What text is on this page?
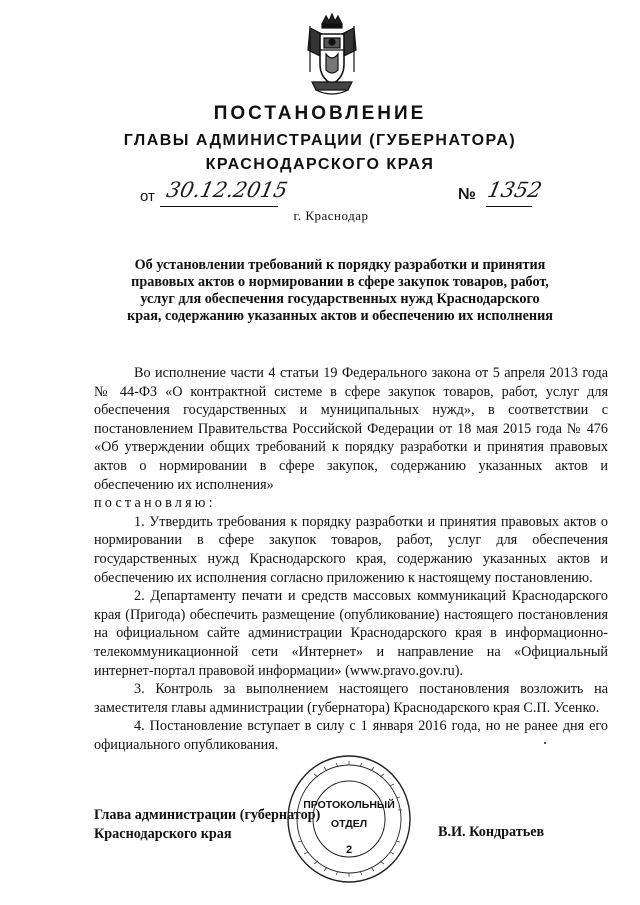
ПОСТАНОВЛЕНИЕ
ГЛАВЫ АДМИНИСТРАЦИИ (ГУБЕРНАТОРА)
КРАСНОДАРСКОГО КРАЯ
от 30.12.2015	№ 1352
г. Краснодар
Об установлении требований к порядку разработки и принятия
правовых актов о нормировании в сфере закупок товаров, работ,
услуг для обеспечения государственных нужд Краснодарского
края, содержанию указанных актов и обеспечению их исполнения

Во исполнение части 4 статьи 19 Федерального закона от 5 апреля 2013 года № 44-ФЗ «О контрактной системе в сфере закупок товаров, работ, услуг для обеспечения государственных и муниципальных нужд», в соответствии с постановлением Правительства Российской Федерации от 18 мая 2015 года № 476 «Об утверждении общих требований к порядку разработки и принятия правовых актов о нормировании в сфере закупок, содержанию указанных актов и обеспечению их исполнения»

постановляю:

1. Утвердить требования к порядку разработки и принятия правовых актов о нормировании в сфере закупок товаров, работ, услуг для обеспечения государственных нужд Краснодарского края, содержанию указанных актов и обеспечению их исполнения согласно приложению к настоящему постановлению.

2. Департаменту печати и средств массовых коммуникаций Краснодарского края (Пригода) обеспечить размещение (опубликование) настоящего постановления на официальном сайте администрации Краснодарского края в информационно-телекоммуникационной сети «Интернет» и направление на «Официальный интернет-портал правовой информации» (www.pravo.gov.ru).

3. Контроль за выполнением настоящего постановления возложить на заместителя главы администрации (губернатора) Краснодарского края С.П. Усенко.

4. Постановление вступает в силу с 1 января 2016 года, но не ранее дня его официального опубликования.

Глава администрации (губернатор)
Краснодарского края	В.И. Кондратьев
ПРОТОКОЛЬНЫЙ
ОТДЕЛ
2
